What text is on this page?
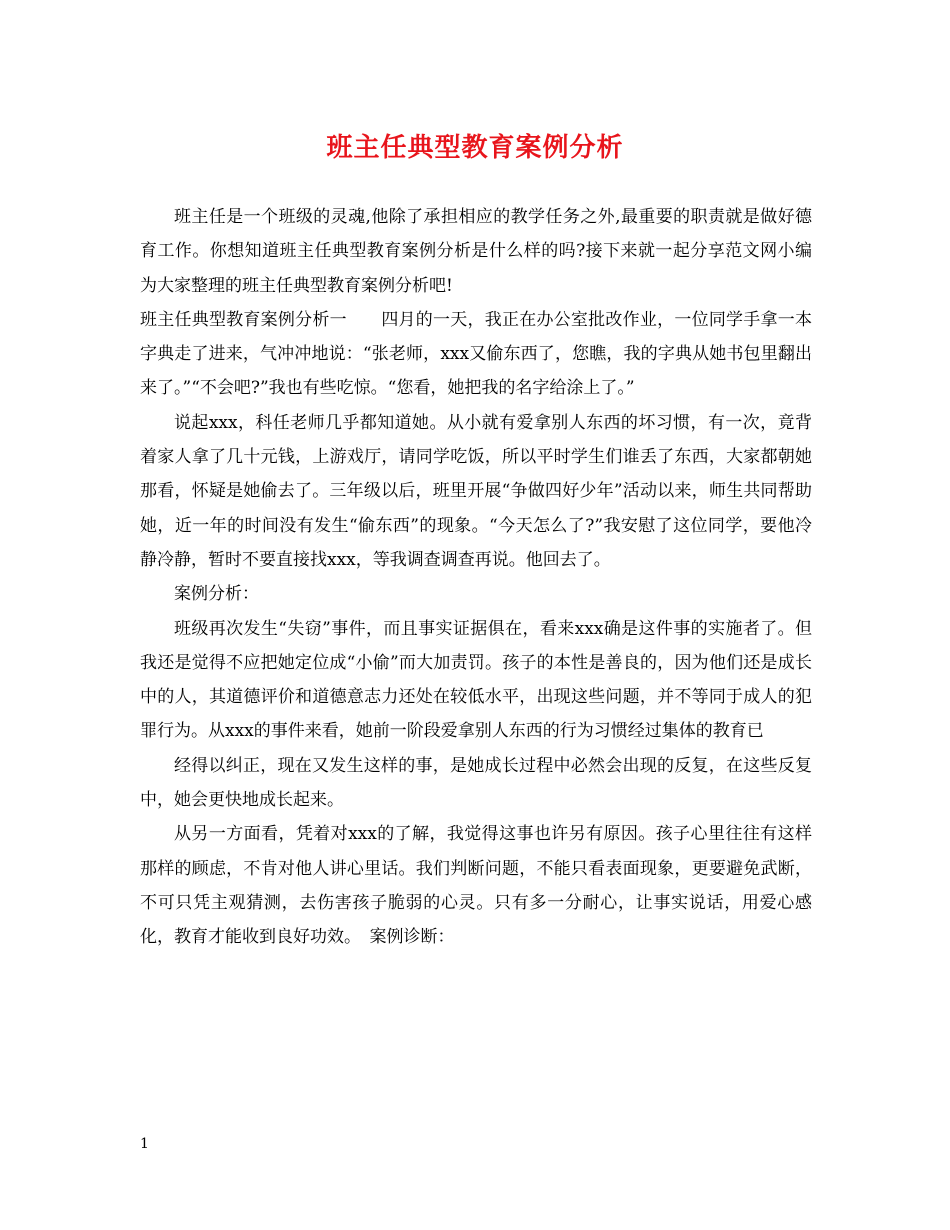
班主任典型教育案例分析

班主任是一个班级的灵魂,他除了承担相应的教学任务之外,最重要的职责就是做好德育工作。你想知道班主任典型教育案例分析是什么样的吗?接下来就一起分享范文网小编为大家整理的班主任典型教育案例分析吧!

班主任典型教育案例分析一　　四月的一天，我正在办公室批改作业，一位同学手拿一本字典走了进来，气冲冲地说：“张老师，xxx又偷东西了，您瞧，我的字典从她书包里翻出来了。”“不会吧?”我也有些吃惊。“您看，她把我的名字给涂上了。”

说起xxx，科任老师几乎都知道她。从小就有爱拿别人东西的坏习惯，有一次，竟背着家人拿了几十元钱，上游戏厅，请同学吃饭，所以平时学生们谁丢了东西，大家都朝她那看，怀疑是她偷去了。三年级以后，班里开展“争做四好少年”活动以来，师生共同帮助她，近一年的时间没有发生“偷东西”的现象。“今天怎么了?”我安慰了这位同学，要他冷静冷静，暂时不要直接找xxx，等我调查调查再说。他回去了。

案例分析：

班级再次发生“失窃”事件，而且事实证据俱在，看来xxx确是这件事的实施者了。但我还是觉得不应把她定位成“小偷”而大加责罚。孩子的本性是善良的，因为他们还是成长中的人，其道德评价和道德意志力还处在较低水平，出现这些问题，并不等同于成人的犯罪行为。从xxx的事件来看，她前一阶段爱拿别人东西的行为习惯经过集体的教育已

经得以纠正，现在又发生这样的事，是她成长过程中必然会出现的反复，在这些反复中，她会更快地成长起来。

从另一方面看，凭着对xxx的了解，我觉得这事也许另有原因。孩子心里往往有这样那样的顾虑，不肯对他人讲心里话。我们判断问题，不能只看表面现象，更要避免武断，不可只凭主观猜测，去伤害孩子脆弱的心灵。只有多一分耐心，让事实说话，用爱心感化，教育才能收到良好功效。　案例诊断：

1
